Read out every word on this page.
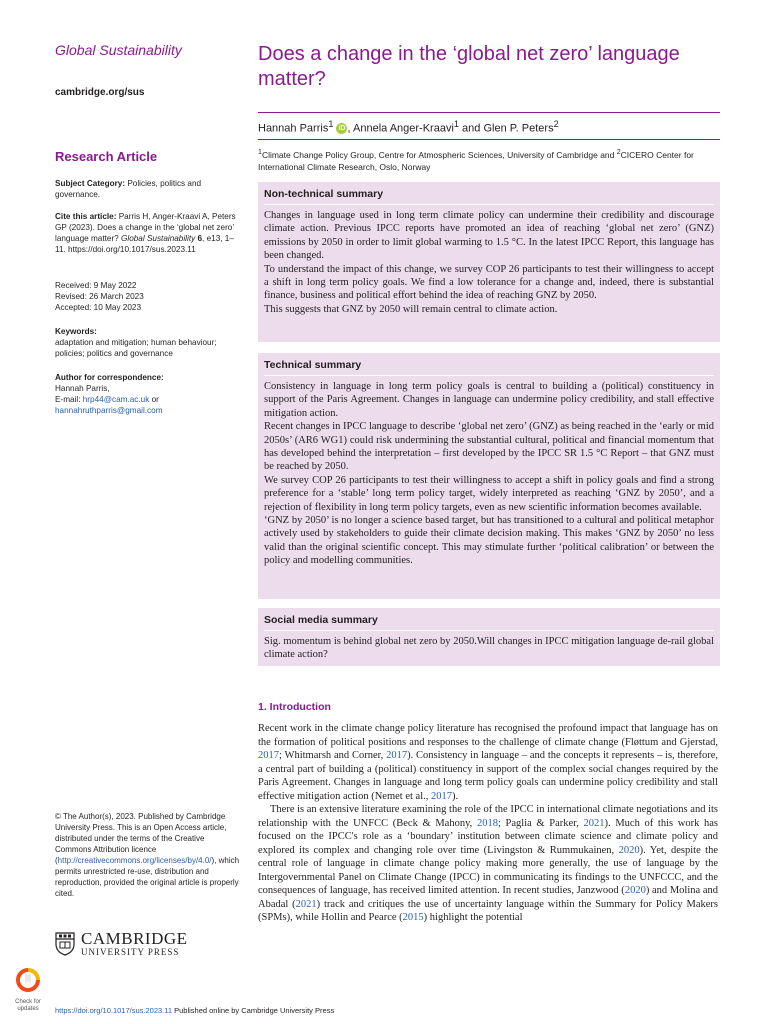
Global Sustainability
cambridge.org/sus
Does a change in the ‘global net zero’ language matter?
Hannah Parris$^1$ iD , Annela Anger-Kraavi$^1$ and Glen P. Peters$^2$
$^1$Climate Change Policy Group, Centre for Atmospheric Sciences, University of Cambridge and $^2$CICERO Center for International Climate Research, Oslo, Norway
Research Article
Subject Category: Policies, politics and governance.
Cite this article: Parris H, Anger-Kraavi A, Peters GP (2023). Does a change in the ‘global net zero’ language matter? Global Sustainability 6, e13, 1–11. https://doi.org/10.1017/sus.2023.11
Received: 9 May 2022
Revised: 26 March 2023
Accepted: 10 May 2023
Keywords:
adaptation and mitigation; human behaviour; policies; politics and governance
Author for correspondence:
Hannah Parris,
E-mail: hrp44@cam.ac.uk or
hannahruthparris@gmail.com
Non-technical summary

Changes in language used in long term climate policy can undermine their credibility and discourage climate action. Previous IPCC reports have promoted an idea of reaching ‘global net zero’ (GNZ) emissions by 2050 in order to limit global warming to 1.5 °C. In the latest IPCC Report, this language has been changed.

To understand the impact of this change, we survey COP 26 participants to test their willingness to accept a shift in long term policy goals. We find a low tolerance for a change and, indeed, there is substantial finance, business and political effort behind the idea of reaching GNZ by 2050.

This suggests that GNZ by 2050 will remain central to climate action.

Technical summary

Consistency in language in long term policy goals is central to building a (political) constituency in support of the Paris Agreement. Changes in language can undermine policy credibility, and stall effective mitigation action.

Recent changes in IPCC language to describe ‘global net zero’ (GNZ) as being reached in the ‘early or mid 2050s’ (AR6 WG1) could risk undermining the substantial cultural, political and financial momentum that has developed behind the interpretation – first developed by the IPCC SR 1.5 °C Report – that GNZ must be reached by 2050.

We survey COP 26 participants to test their willingness to accept a shift in policy goals and find a strong preference for a ‘stable’ long term policy target, widely interpreted as reaching ‘GNZ by 2050’, and a rejection of flexibility in long term policy targets, even as new scientific information becomes available.

‘GNZ by 2050’ is no longer a science based target, but has transitioned to a cultural and political metaphor actively used by stakeholders to guide their climate decision making. This makes ‘GNZ by 2050’ no less valid than the original scientific concept. This may stimulate further ‘political calibration’ or between the policy and modelling communities.

Social media summary

Sig. momentum is behind global net zero by 2050.Will changes in IPCC mitigation language de-rail global climate action?

1. Introduction

Recent work in the climate change policy literature has recognised the profound impact that language has on the formation of political positions and responses to the challenge of climate change (Fløttum and Gjerstad, 2017; Whitmarsh and Corner, 2017). Consistency in language – and the concepts it represents – is, therefore, a central part of building a (political) constituency in support of the complex social changes required by the Paris Agreement. Changes in language and long term policy goals can undermine policy credibility and stall effective mitigation action (Nemet et al., 2017).

There is an extensive literature examining the role of the IPCC in international climate negotiations and its relationship with the UNFCC (Beck & Mahony, 2018; Paglia & Parker, 2021). Much of this work has focused on the IPCC's role as a ‘boundary’ institution between climate science and climate policy and explored its complex and changing role over time (Livingston & Rummukainen, 2020). Yet, despite the central role of language in climate change policy making more generally, the use of language by the Intergovernmental Panel on Climate Change (IPCC) in communicating its findings to the UNFCCC, and the consequences of language, has received limited attention. In recent studies, Janzwood (2020) and Molina and Abadal (2021) track and critiques the use of uncertainty language within the Summary for Policy Makers (SPMs), while Hollin and Pearce (2015) highlight the potential

© The Author(s), 2023. Published by Cambridge University Press. This is an Open Access article, distributed under the terms of the Creative Commons Attribution licence (http://creativecommons.org/licenses/by/4.0/), which permits unrestricted re-use, distribution and reproduction, provided the original article is properly cited.
CAMBRIDGE
UNIVERSITY PRESS
Check for
updates	https://doi.org/10.1017/sus.2023.11 Published online by Cambridge University Press
